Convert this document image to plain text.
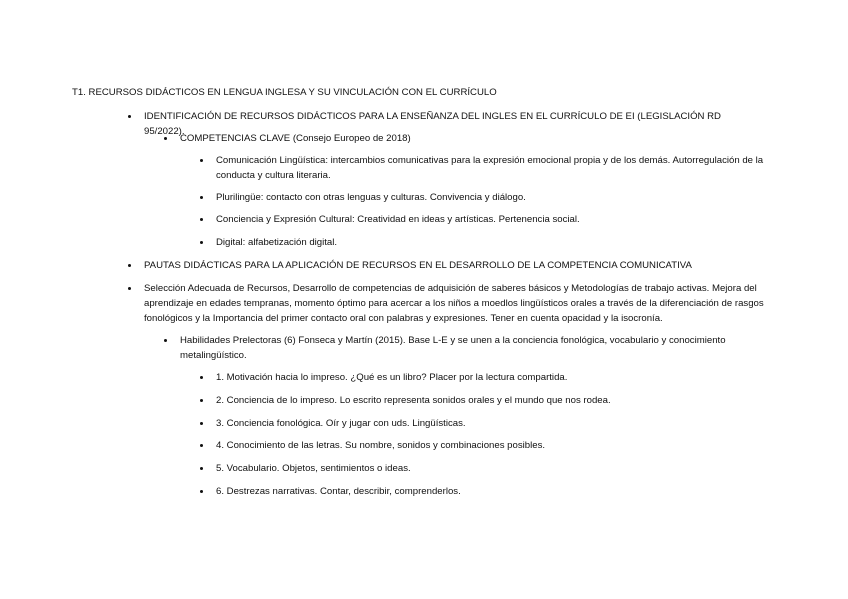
T1. RECURSOS DIDÁCTICOS EN LENGUA INGLESA Y SU VINCULACIÓN CON EL CURRÍCULO
IDENTIFICACIÓN DE RECURSOS DIDÁCTICOS PARA LA ENSEÑANZA DEL INGLES EN EL CURRÍCULO DE EI (LEGISLACIÓN RD 95/2022).
COMPETENCIAS CLAVE (Consejo Europeo de 2018)
Comunicación Lingüística: intercambios comunicativas para la expresión emocional propia y de los demás. Autorregulación de la conducta y cultura literaria.
Plurilingüe: contacto con otras lenguas y culturas. Convivencia y diálogo.
Conciencia y Expresión Cultural: Creatividad en ideas y artísticas. Pertenencia social.
Digital: alfabetización digital.
PAUTAS DIDÁCTICAS PARA LA APLICACIÓN DE RECURSOS EN EL DESARROLLO DE LA COMPETENCIA COMUNICATIVA
Selección Adecuada de Recursos, Desarrollo de competencias de adquisición de saberes básicos y Metodologías de trabajo activas. Mejora del aprendizaje en edades tempranas, momento óptimo para acercar a los niños a moedlos lingüísticos orales a través de la diferenciación de rasgos fonológicos y la Importancia del primer contacto oral con palabras y expresiones. Tener en cuenta opacidad y la isocronía.
Habilidades Prelectoras (6) Fonseca y Martín (2015). Base L-E y se unen a la conciencia fonológica, vocabulario y conocimiento metalingüístico.
1. Motivación hacia lo impreso. ¿Qué es un libro? Placer por la lectura compartida.
2. Conciencia de lo impreso. Lo escrito representa sonidos orales y el mundo que nos rodea.
3. Conciencia fonológica. Oír y jugar con uds. Lingüísticas.
4. Conocimiento de las letras. Su nombre, sonidos y combinaciones posibles.
5. Vocabulario. Objetos, sentimientos o ideas.
6. Destrezas narrativas. Contar, describir, comprenderlos.
